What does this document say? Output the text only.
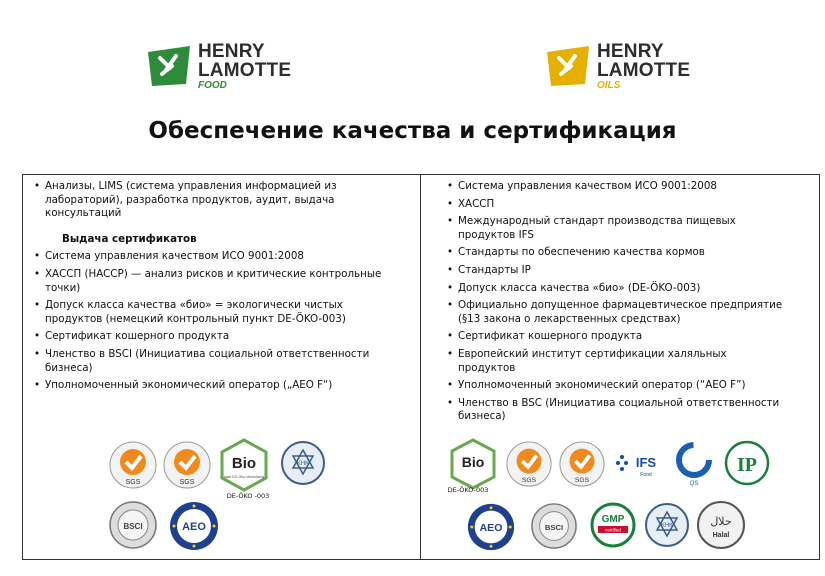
HENRY
LAMOTTE
FOOD
HENRY
LAMOTTE
OILS
Обеспечение качества и сертификация
• Анализы, LIMS (система управления информацией из лабораторий), разработка продуктов, аудит, выдача консультаций
Выдача сертификатов
• Система управления качеством ИСО 9001:2008
• ХАССП (HACCP) — анализ рисков и критические контрольные точки)
• Допуск класса качества «био» = экологически чистых продуктов (немецкий контрольный пункт DE-ÖKO-003)
• Сертификат кошерного продукта
• Членство в BSCI (Инициатива социальной ответственности бизнеса)
• Уполномоченный экономический оператор („AEO F“)
• Система управления качеством ИСО 9001:2008
• ХАССП
• Международный стандарт производства пищевых продуктов IFS
• Стандарты по обеспечению качества кормов
• Стандарты IP
• Допуск класса качества «био» (DE-ÖKO-003)
• Официально допущенное фармацевтическое предприятие (§13 закона о лекарственных средствах)
• Сертификат кошерного продукта
• Европейский институт сертификации халяльных продуктов
• Уполномоченный экономический оператор (“AEO F”)
• Членство в BSC (Инициатива социальной ответственности бизнеса)
SGS	SGS
Bio
nach EG-Öko-Verordnung
KHK
DE-ÖKO -003
BSCI	AEO
Bio
SGS	SGS
IFS
Food
QS
IP
DE-ÖKO-003
AEO	BSCI
GMP
certified
KHK	حلال
Halal
